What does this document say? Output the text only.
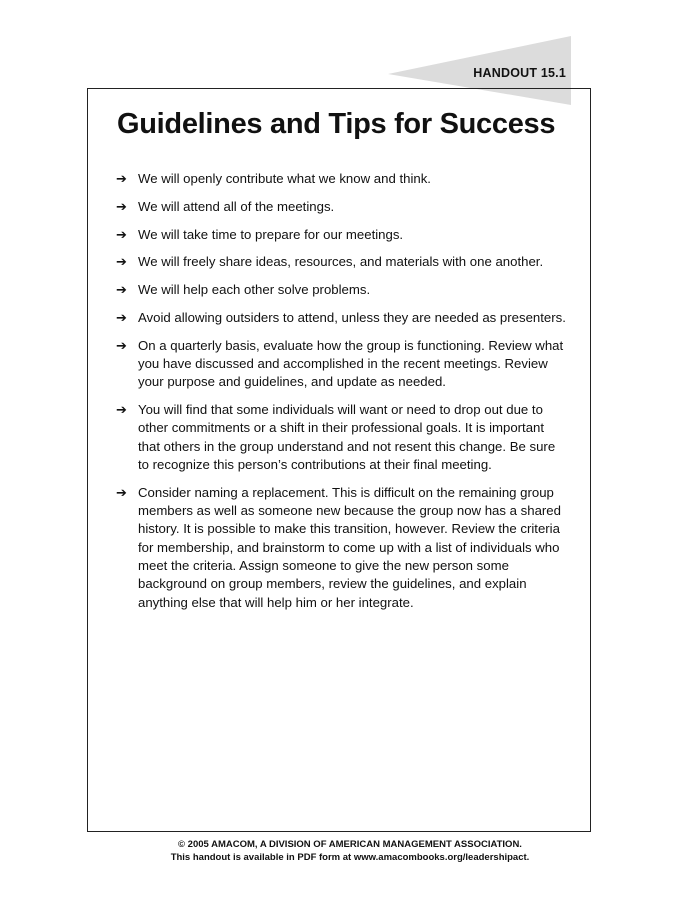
HANDOUT 15.1
Guidelines and Tips for Success
➔ We will openly contribute what we know and think.
➔ We will attend all of the meetings.
➔ We will take time to prepare for our meetings.
➔ We will freely share ideas, resources, and materials with one another.
➔ We will help each other solve problems.
➔ Avoid allowing outsiders to attend, unless they are needed as presenters.
➔ On a quarterly basis, evaluate how the group is functioning. Review what you have discussed and accomplished in the recent meetings. Review your purpose and guidelines, and update as needed.
➔ You will find that some individuals will want or need to drop out due to other commitments or a shift in their professional goals. It is important that others in the group understand and not resent this change. Be sure to recognize this person’s contributions at their final meeting.
➔ Consider naming a replacement. This is difficult on the remaining group members as well as someone new because the group now has a shared history. It is possible to make this transition, however. Review the criteria for membership, and brainstorm to come up with a list of individuals who meet the criteria. Assign someone to give the new person some background on group members, review the guidelines, and explain anything else that will help him or her integrate.
© 2005 AMACOM, A DIVISION OF AMERICAN MANAGEMENT ASSOCIATION.
This handout is available in PDF form at www.amacombooks.org/leadershipact.
